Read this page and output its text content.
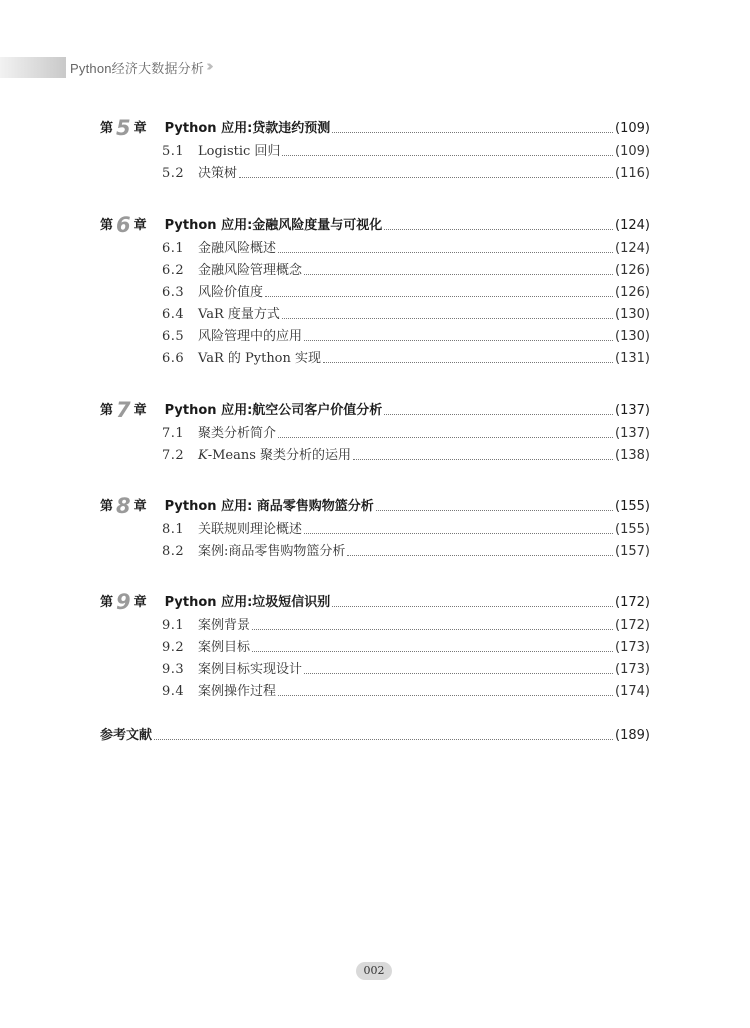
Python经济大数据分析 ›››
第 5 章 Python 应用:贷款违约预测	(109)
5.1	Logistic 回归	(109)
5.2	决策树	(116)
第 6 章 Python 应用:金融风险度量与可视化	(124)
6.1	金融风险概述	(124)
6.2	金融风险管理概念	(126)
6.3	风险价值度	(126)
6.4	VaR 度量方式	(130)
6.5	风险管理中的应用	(130)
6.6	VaR 的 Python 实现	(131)
第 7 章 Python 应用:航空公司客户价值分析	(137)
7.1	聚类分析简介	(137)
7.2	K-Means 聚类分析的运用	(138)
第 8 章 Python 应用: 商品零售购物篮分析	(155)
8.1	关联规则理论概述	(155)
8.2	案例:商品零售购物篮分析	(157)
第 9 章 Python 应用:垃圾短信识别	(172)
9.1	案例背景	(172)
9.2	案例目标	(173)
9.3	案例目标实现设计	(173)
9.4	案例操作过程	(174)
参考文献	(189)
002
